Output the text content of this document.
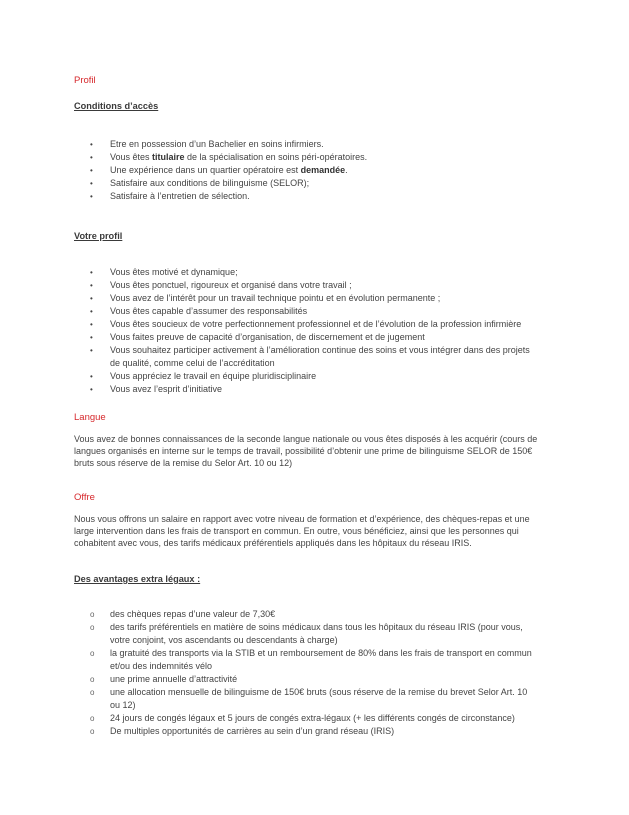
Profil
Conditions d’accès
•	Etre en possession d’un Bachelier en soins infirmiers.
•	Vous êtes titulaire de la spécialisation en soins péri-opératoires.
•	Une expérience dans un quartier opératoire est demandée.
•	Satisfaire aux conditions de bilinguisme (SELOR);
•	Satisfaire à l’entretien de sélection.
Votre profil
•	Vous êtes motivé et dynamique;
•	Vous êtes ponctuel, rigoureux et organisé dans votre travail ;
•	Vous avez de l’intérêt pour un travail technique pointu et en évolution permanente ;
•	Vous êtes capable d’assumer des responsabilités
•	Vous êtes soucieux de votre perfectionnement professionnel et de l’évolution de la profession infirmière
•	Vous faites preuve de capacité d’organisation, de discernement et de jugement
•	Vous souhaitez participer activement à l’amélioration continue des soins et vous intégrer dans des projets
de qualité, comme celui de l’accréditation
•	Vous appréciez le travail en équipe pluridisciplinaire
•	Vous avez l’esprit d’initiative
Langue
Vous avez de bonnes connaissances de la seconde langue nationale ou vous êtes disposés à les acquérir (cours de
langues organisés en interne sur le temps de travail, possibilité d’obtenir une prime de bilinguisme SELOR de 150€
bruts sous réserve de la remise du Selor Art. 10 ou 12)
Offre
Nous vous offrons un salaire en rapport avec votre niveau de formation et d’expérience, des chèques-repas et une
large intervention dans les frais de transport en commun. En outre, vous bénéficiez, ainsi que les personnes qui
cohabitent avec vous, des tarifs médicaux préférentiels appliqués dans les hôpitaux du réseau IRIS.
Des avantages extra légaux :
o des chèques repas d’une valeur de 7,30€
o des tarifs préférentiels en matière de soins médicaux dans tous les hôpitaux du réseau IRIS (pour vous,
votre conjoint, vos ascendants ou descendants à charge)
o la gratuité des transports via la STIB et un remboursement de 80% dans les frais de transport en commun
et/ou des indemnités vélo
o une prime annuelle d’attractivité
o une allocation mensuelle de bilinguisme de 150€ bruts (sous réserve de la remise du brevet Selor Art. 10
ou 12)
o 24 jours de congés légaux et 5 jours de congés extra-légaux (+ les différents congés de circonstance)
o De multiples opportunités de carrières au sein d’un grand réseau (IRIS)
